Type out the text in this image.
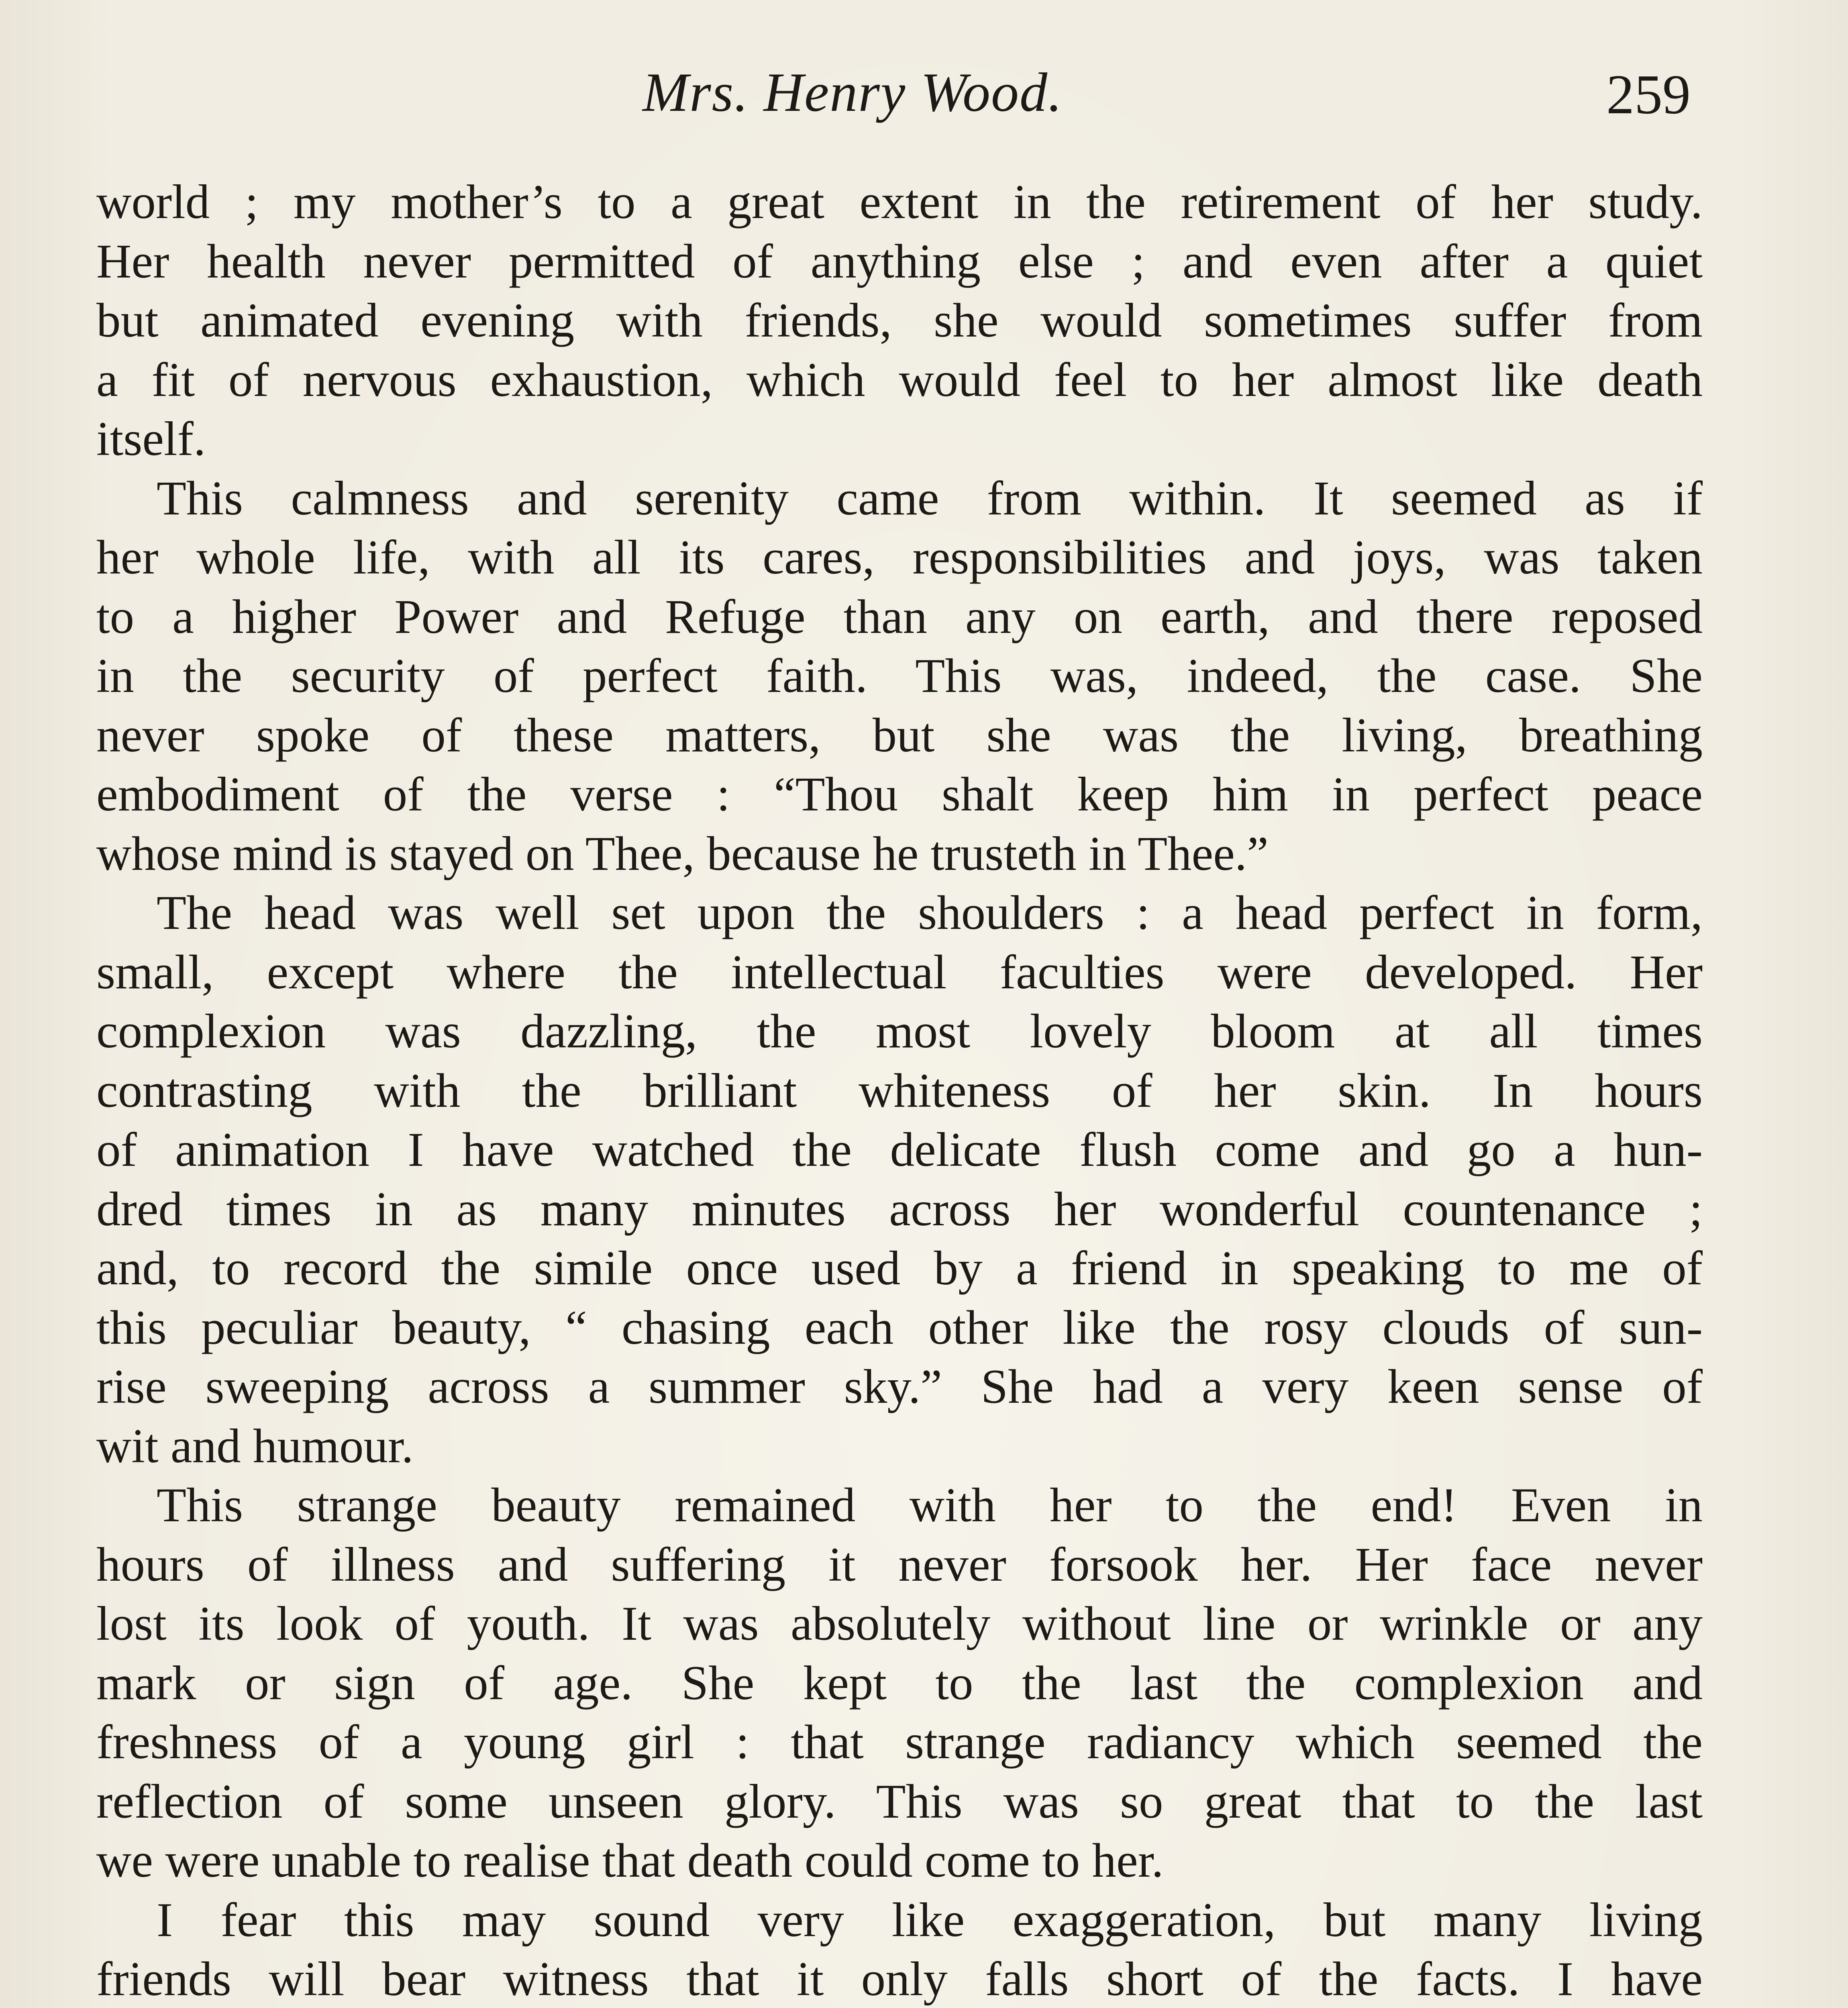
Mrs. Henry Wood.	259
world ; my mother’s to a great extent in the retirement of her study.
Her health never permitted of anything else ; and even after a quiet
but animated evening with friends, she would sometimes suffer from
a fit of nervous exhaustion, which would feel to her almost like death
itself.
This calmness and serenity came from within. It seemed as if
her whole life, with all its cares, responsibilities and joys, was taken
to a higher Power and Refuge than any on earth, and there reposed
in the security of perfect faith. This was, indeed, the case. She
never spoke of these matters, but she was the living, breathing
embodiment of the verse : “Thou shalt keep him in perfect peace
whose mind is stayed on Thee, because he trusteth in Thee.”
The head was well set upon the shoulders : a head perfect in form,
small, except where the intellectual faculties were developed. Her
complexion was dazzling, the most lovely bloom at all times
contrasting with the brilliant whiteness of her skin. In hours
of animation I have watched the delicate flush come and go a hun-
dred times in as many minutes across her wonderful countenance ;
and, to record the simile once used by a friend in speaking to me of
this peculiar beauty, “ chasing each other like the rosy clouds of sun-
rise sweeping across a summer sky.” She had a very keen sense of
wit and humour.
This strange beauty remained with her to the end! Even in
hours of illness and suffering it never forsook her. Her face never
lost its look of youth. It was absolutely without line or wrinkle or any
mark or sign of age. She kept to the last the complexion and
freshness of a young girl : that strange radiancy which seemed the
reflection of some unseen glory. This was so great that to the last
we were unable to realise that death could come to her.
I fear this may sound very like exaggeration, but many living
friends will bear witness that it only falls short of the facts. I have
